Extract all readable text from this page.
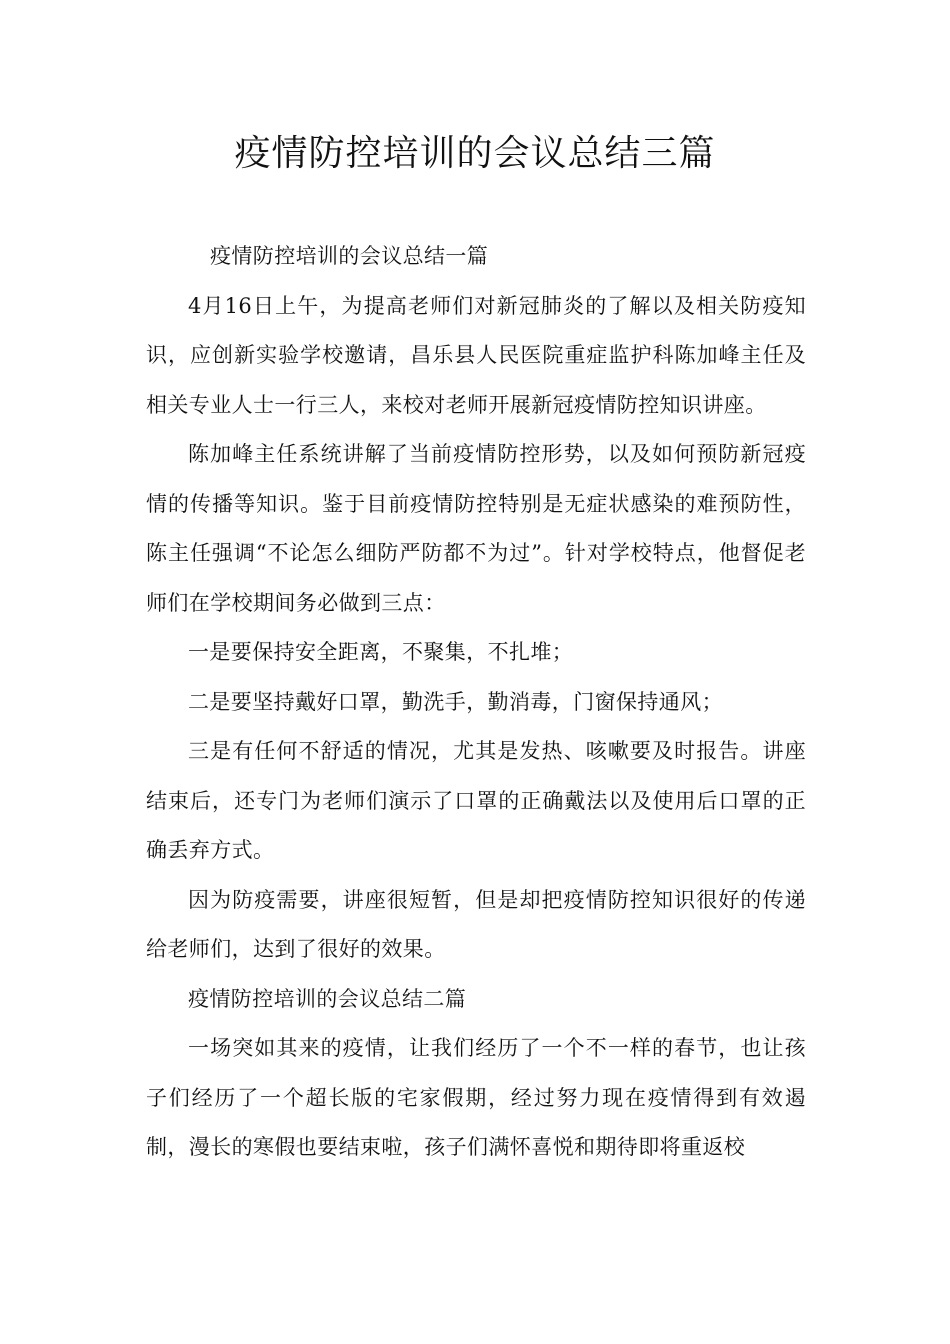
疫情防控培训的会议总结三篇

疫情防控培训的会议总结一篇

4月16日上午，为提高老师们对新冠肺炎的了解以及相关防疫知识，应创新实验学校邀请，昌乐县人民医院重症监护科陈加峰主任及相关专业人士一行三人，来校对老师开展新冠疫情防控知识讲座。

陈加峰主任系统讲解了当前疫情防控形势，以及如何预防新冠疫情的传播等知识。鉴于目前疫情防控特别是无症状感染的难预防性，陈主任强调“不论怎么细防严防都不为过”。针对学校特点，他督促老师们在学校期间务必做到三点：

一是要保持安全距离，不聚集，不扎堆；

二是要坚持戴好口罩，勤洗手，勤消毒，门窗保持通风；

三是有任何不舒适的情况，尤其是发热、咳嗽要及时报告。讲座结束后，还专门为老师们演示了口罩的正确戴法以及使用后口罩的正确丢弃方式。

因为防疫需要，讲座很短暂，但是却把疫情防控知识很好的传递给老师们，达到了很好的效果。

疫情防控培训的会议总结二篇

一场突如其来的疫情，让我们经历了一个不一样的春节，也让孩子们经历了一个超长版的宅家假期，经过努力现在疫情得到有效遏制，漫长的寒假也要结束啦，孩子们满怀喜悦和期待即将重返校
